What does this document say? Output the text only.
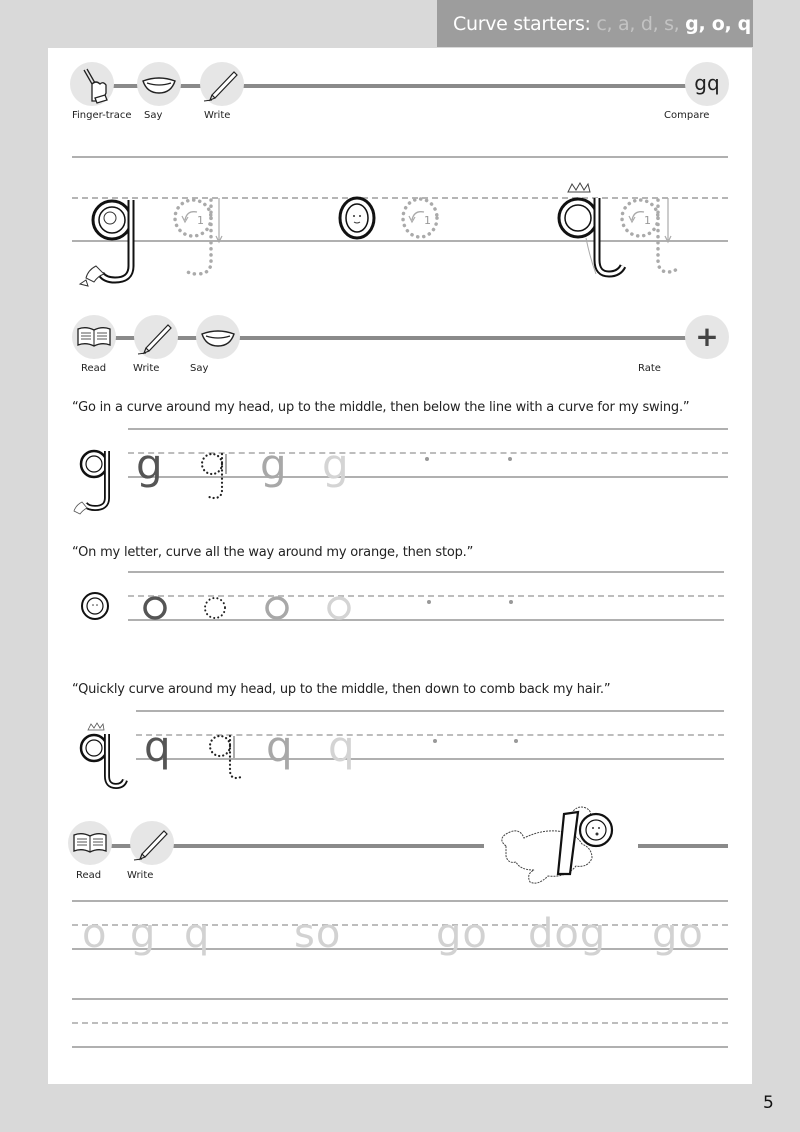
Curve starters: c, a, d, s, g, o, q
Finger-trace Say	Write
gq
Compare
1	1	1
Read	Write	Say
+
Rate
“Go in a curve around my head, up to the middle, then below the line with a curve for my swing.”
g g g
“On my letter, curve all the way around my orange, then stop.”
“Quickly curve around my head, up to the middle, then down to comb back my hair.”
q q q
Read	Write
o g q so go dog go
5
